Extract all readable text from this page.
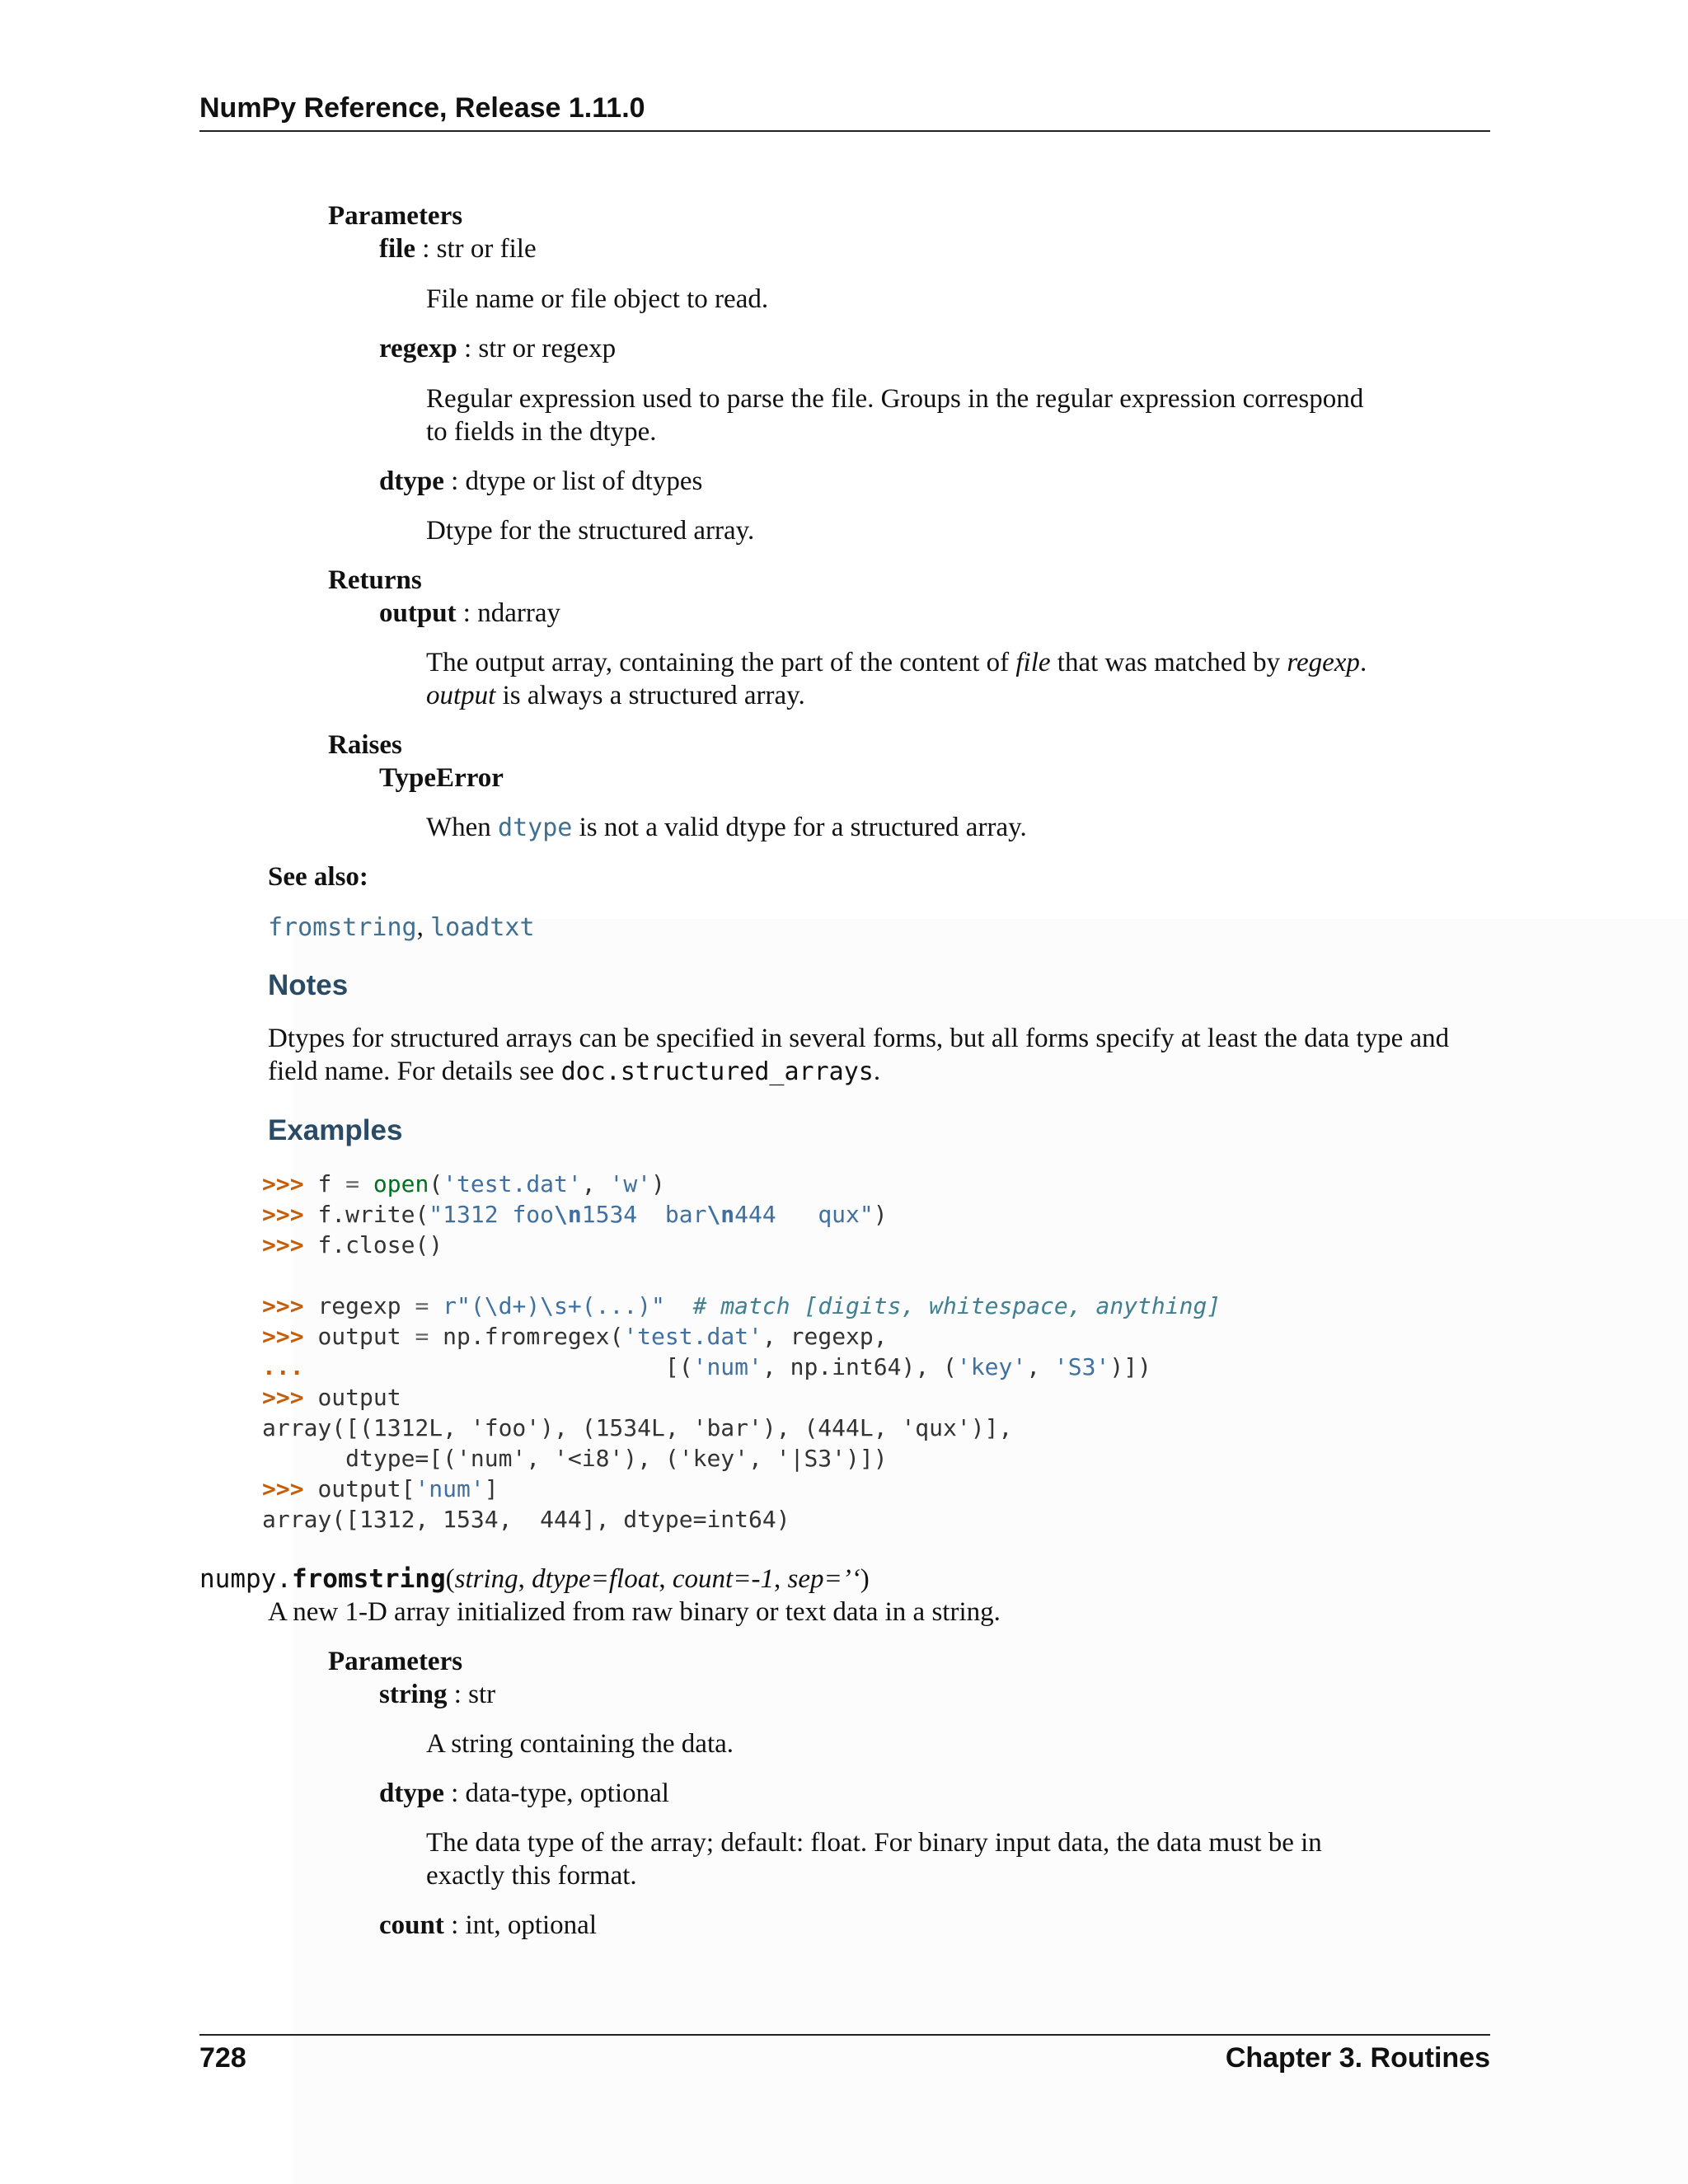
NumPy Reference, Release 1.11.0
Parameters
file : str or file
File name or file object to read.
regexp : str or regexp
Regular expression used to parse the file. Groups in the regular expression correspond
to fields in the dtype.
dtype : dtype or list of dtypes
Dtype for the structured array.
Returns
output : ndarray
The output array, containing the part of the content of file that was matched by regexp.
output is always a structured array.
Raises
TypeError
When dtype is not a valid dtype for a structured array.
See also:
fromstring, loadtxt
Notes
Dtypes for structured arrays can be specified in several forms, but all forms specify at least the data type and
field name. For details see doc.structured_arrays.
Examples
>>> f = open('test.dat', 'w')
>>> f.write("1312 foo\n1534  bar\n444   qux")
>>> f.close()

>>> regexp = r"(\d+)\s+(...)" # match [digits, whitespace, anything]
>>> output = np.fromregex('test.dat', regexp,
...	[('num', np.int64), ('key', 'S3')])
>>> output
array([(1312L, 'foo'), (1534L, 'bar'), (444L, 'qux')],
dtype=[('num', '<i8'), ('key', '|S3')])
>>> output['num']
array([1312, 1534,  444], dtype=int64)
numpy.fromstring(string, dtype=float, count=-1, sep=’‘)
A new 1-D array initialized from raw binary or text data in a string.
Parameters
string : str
A string containing the data.
dtype : data-type, optional
The data type of the array; default: float. For binary input data, the data must be in
exactly this format.
count : int, optional
728	Chapter 3. Routines
